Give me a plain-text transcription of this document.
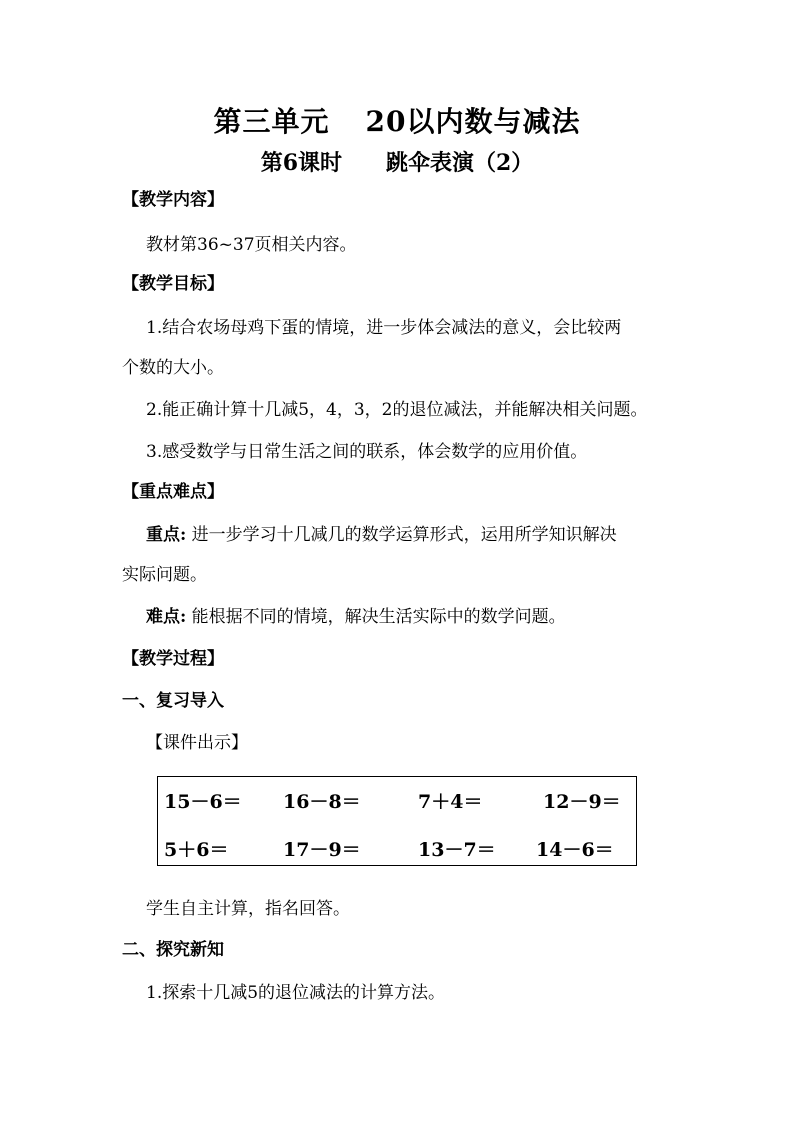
第三单元 20以内数与减法
第6课时 跳伞表演（2）
【教学内容】
教材第36~37页相关内容。
【教学目标】
1.结合农场母鸡下蛋的情境，进一步体会减法的意义，会比较两
个数的大小。
2.能正确计算十几减5，4，3，2的退位减法，并能解决相关问题。
3.感受数学与日常生活之间的联系，体会数学的应用价值。
【重点难点】
重点: 进一步学习十几减几的数学运算形式，运用所学知识解决
实际问题。
难点: 能根据不同的情境，解决生活实际中的数学问题。
【教学过程】
一、复习导入
【课件出示】
15－6＝ 16－8＝	7＋4＝	12－9＝
5＋6＝	17－9＝	13－7＝ 14－6＝
学生自主计算，指名回答。
二、探究新知
1.探索十几减5的退位减法的计算方法。
